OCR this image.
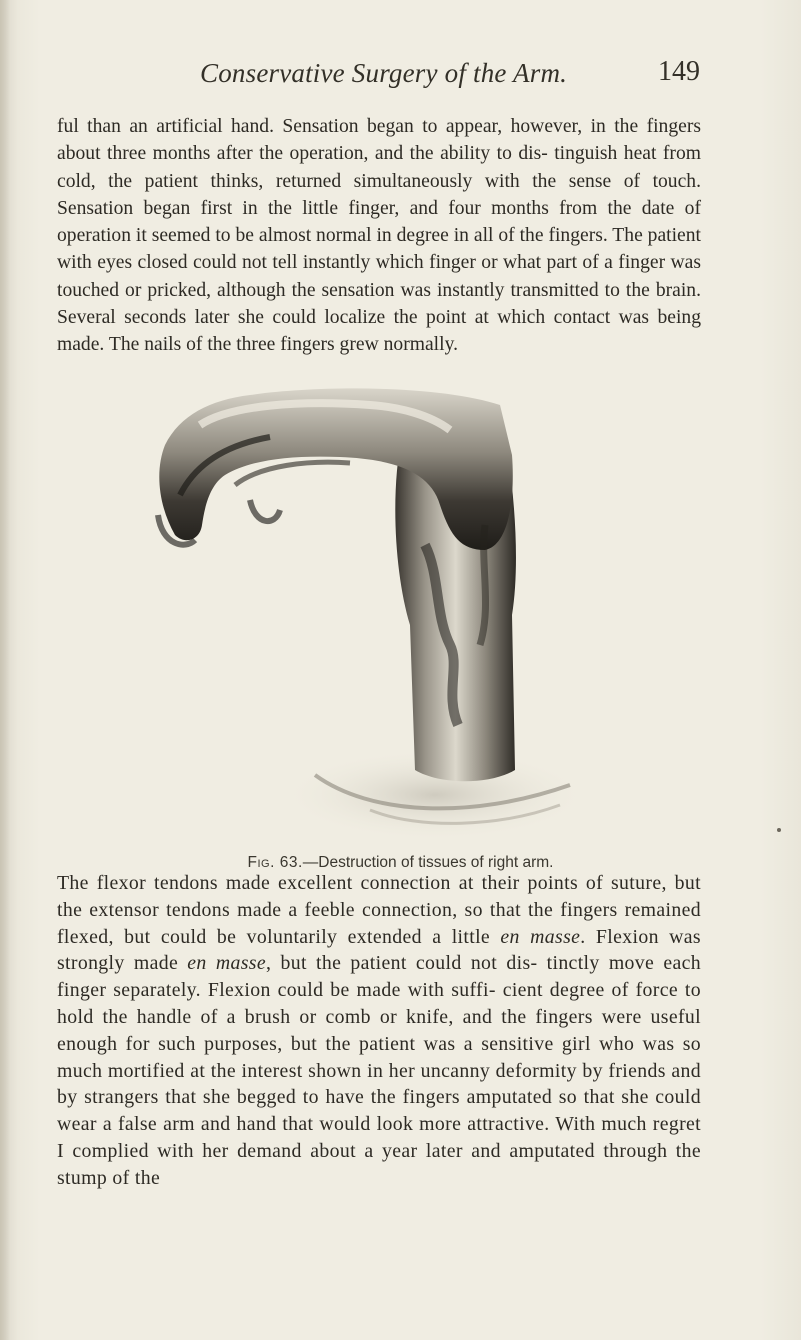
Conservative Surgery of the Arm.	149

ful than an artificial hand. Sensation began to appear, however, in the fingers about three months after the operation, and the ability to dis- tinguish heat from cold, the patient thinks, returned simultaneously with the sense of touch. Sensation began first in the little finger, and four months from the date of operation it seemed to be almost normal in degree in all of the fingers. The patient with eyes closed could not tell instantly which finger or what part of a finger was touched or pricked, although the sensation was instantly transmitted to the brain. Several seconds later she could localize the point at which contact was being made. The nails of the three fingers grew normally.

Fig. 63.—Destruction of tissues of right arm.

The flexor tendons made excellent connection at their points of suture, but the extensor tendons made a feeble connection, so that the fingers remained flexed, but could be voluntarily extended a little en masse. Flexion was strongly made en masse, but the patient could not dis- tinctly move each finger separately. Flexion could be made with suffi- cient degree of force to hold the handle of a brush or comb or knife, and the fingers were useful enough for such purposes, but the patient was a sensitive girl who was so much mortified at the interest shown in her uncanny deformity by friends and by strangers that she begged to have the fingers amputated so that she could wear a false arm and hand that would look more attractive. With much regret I complied with her demand about a year later and amputated through the stump of the
